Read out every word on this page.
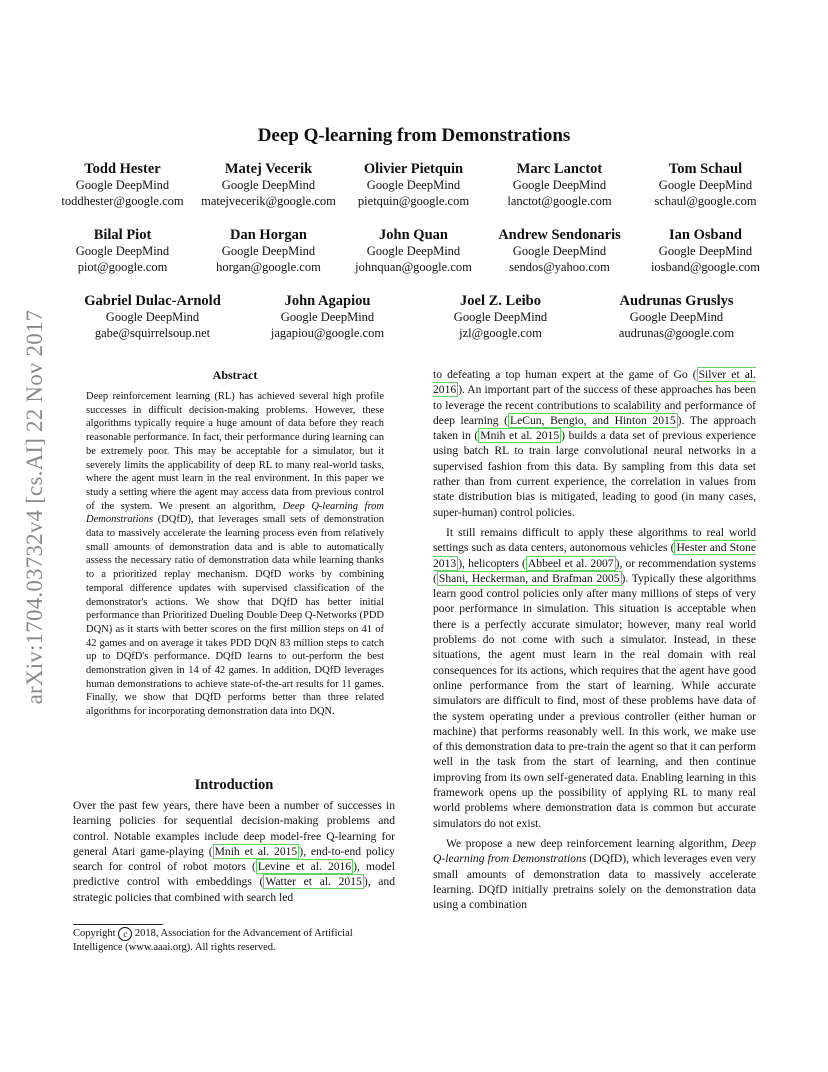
arXiv:1704.03732v4 [cs.AI] 22 Nov 2017
Deep Q-learning from Demonstrations
Todd Hester
Google DeepMind
toddhester@google.com
Matej Vecerik
Google DeepMind
matejvecerik@google.com
Olivier Pietquin
Google DeepMind
pietquin@google.com
Marc Lanctot
Google DeepMind
lanctot@google.com
Tom Schaul
Google DeepMind
schaul@google.com
Bilal Piot
Google DeepMind
piot@google.com
Dan Horgan
Google DeepMind
horgan@google.com
John Quan
Google DeepMind
johnquan@google.com
Andrew Sendonaris
Google DeepMind
sendos@yahoo.com
Ian Osband
Google DeepMind
iosband@google.com
Gabriel Dulac-Arnold
Google DeepMind
gabe@squirrelsoup.net
John Agapiou
Google DeepMind
jagapiou@google.com
Joel Z. Leibo
Google DeepMind
jzl@google.com
Audrunas Gruslys
Google DeepMind
audrunas@google.com
Abstract
Deep reinforcement learning (RL) has achieved several high profile successes in difficult decision-making problems. However, these algorithms typically require a huge amount of data before they reach reasonable performance. In fact, their performance during learning can be extremely poor. This may be acceptable for a simulator, but it severely limits the applicability of deep RL to many real-world tasks, where the agent must learn in the real environment. In this paper we study a setting where the agent may access data from previous control of the system. We present an algorithm, Deep Q-learning from Demonstrations (DQfD), that leverages small sets of demonstration data to massively accelerate the learning process even from relatively small amounts of demonstration data and is able to automatically assess the necessary ratio of demonstration data while learning thanks to a prioritized replay mechanism. DQfD works by combining temporal difference updates with supervised classification of the demonstrator's actions. We show that DQfD has better initial performance than Prioritized Dueling Double Deep Q-Networks (PDD DQN) as it starts with better scores on the first million steps on 41 of 42 games and on average it takes PDD DQN 83 million steps to catch up to DQfD's performance. DQfD learns to out-perform the best demonstration given in 14 of 42 games. In addition, DQfD leverages human demonstrations to achieve state-of-the-art results for 11 games. Finally, we show that DQfD performs better than three related algorithms for incorporating demonstration data into DQN.
Introduction
Over the past few years, there have been a number of successes in learning policies for sequential decision-making problems and control. Notable examples include deep model-free Q-learning for general Atari game-playing ( Mnih et al. 2015 ), end-to-end policy search for control of robot motors ( Levine et al. 2016 ), model predictive control with embeddings ( Watter et al. 2015 ), and strategic policies that combined with search led
Copyright c 2018, Association for the Advancement of Artificial Intelligence (www.aaai.org). All rights reserved.

to defeating a top human expert at the game of Go ( Silver et al. 2016 ). An important part of the success of these approaches has been to leverage the recent contributions to scalability and performance of deep learning ( LeCun, Bengio, and Hinton 2015 ). The approach taken in ( Mnih et al. 2015 ) builds a data set of previous experience using batch RL to train large convolutional neural networks in a supervised fashion from this data. By sampling from this data set rather than from current experience, the correlation in values from state distribution bias is mitigated, leading to good (in many cases, super-human) control policies.

It still remains difficult to apply these algorithms to real world settings such as data centers, autonomous vehicles ( Hester and Stone 2013 ), helicopters ( Abbeel et al. 2007 ), or recommendation systems ( Shani, Heckerman, and Brafman 2005 ). Typically these algorithms learn good control policies only after many millions of steps of very poor performance in simulation. This situation is acceptable when there is a perfectly accurate simulator; however, many real world problems do not come with such a simulator. Instead, in these situations, the agent must learn in the real domain with real consequences for its actions, which requires that the agent have good online performance from the start of learning. While accurate simulators are difficult to find, most of these problems have data of the system operating under a previous controller (either human or machine) that performs reasonably well. In this work, we make use of this demonstration data to pre-train the agent so that it can perform well in the task from the start of learning, and then continue improving from its own self-generated data. Enabling learning in this framework opens up the possibility of applying RL to many real world problems where demonstration data is common but accurate simulators do not exist.

We propose a new deep reinforcement learning algorithm, Deep Q-learning from Demonstrations (DQfD), which leverages even very small amounts of demonstration data to massively accelerate learning. DQfD initially pretrains solely on the demonstration data using a combination
